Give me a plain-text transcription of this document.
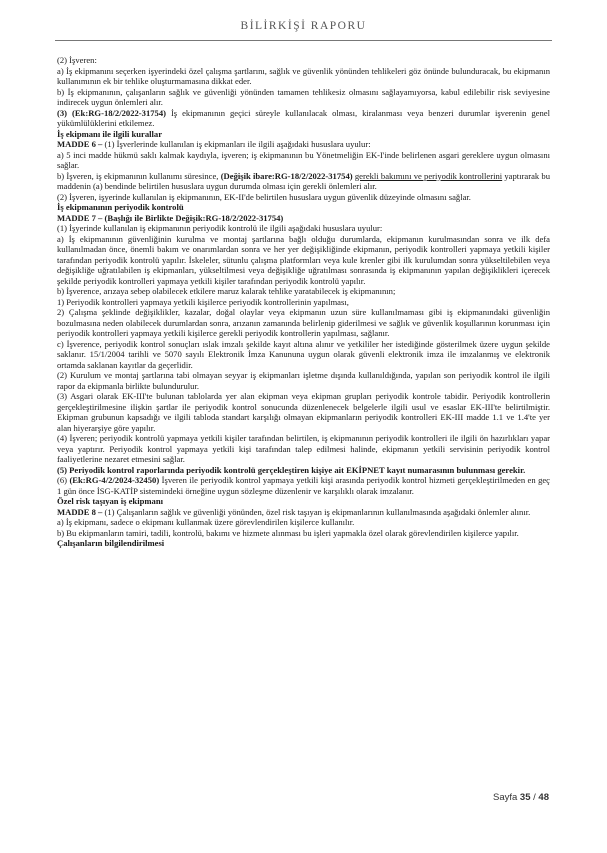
BİLİRKİŞİ RAPORU

(2) İşveren:

a) İş ekipmanını seçerken işyerindeki özel çalışma şartlarını, sağlık ve güvenlik yönünden tehlikeleri göz önünde bulunduracak, bu ekipmanın kullanımının ek bir tehlike oluşturmamasına dikkat eder.

b) İş ekipmanının, çalışanların sağlık ve güvenliği yönünden tamamen tehlikesiz olmasını sağlayamıyorsa, kabul edilebilir risk seviyesine indirecek uygun önlemleri alır.

(3) (Ek:RG-18/2/2022-31754) İş ekipmanının geçici süreyle kullanılacak olması, kiralanması veya benzeri durumlar işverenin genel yükümlülüklerini etkilemez.

İş ekipmanı ile ilgili kurallar

MADDE 6 – (1) İşverlerinde kullanılan iş ekipmanları ile ilgili aşağıdaki hususlara uyulur:

a) 5 inci madde hükmü saklı kalmak kaydıyla, işveren; iş ekipmanının bu Yönetmeliğin EK-I'inde belirlenen asgari gereklere uygun olmasını sağlar.

b) İşveren, iş ekipmanının kullanımı süresince, (Değişik ibare:RG-18/2/2022-31754) gerekli bakımını ve periyodik kontrollerini yaptırarak bu maddenin (a) bendinde belirtilen hususlara uygun durumda olması için gerekli önlemleri alır.

(2) İşveren, işyerinde kullanılan iş ekipmanının, EK-II'de belirtilen hususlara uygun güvenlik düzeyinde olmasını sağlar.

İş ekipmanının periyodik kontrolü

MADDE 7 – (Başlığı ile Birlikte Değişik:RG-18/2/2022-31754)

(1) İşyerinde kullanılan iş ekipmanının periyodik kontrolü ile ilgili aşağıdaki hususlara uyulur:

a) İş ekipmanının güvenliğinin kurulma ve montaj şartlarına bağlı olduğu durumlarda, ekipmanın kurulmasından sonra ve ilk defa kullanılmadan önce, önemli bakım ve onarımlardan sonra ve her yer değişikliğinde ekipmanın, periyodik kontrolleri yapmaya yetkili kişiler tarafından periyodik kontrolü yapılır. İskeleler, sütunlu çalışma platformları veya kule krenler gibi ilk kurulumdan sonra yükseltilebilen veya değişikliğe uğratılabilen iş ekipmanları, yükseltilmesi veya değişikliğe uğratılması sonrasında iş ekipmanının yapılan değişiklikleri içerecek şekilde periyodik kontrolleri yapmaya yetkili kişiler tarafından periyodik kontrolü yapılır.

b) İşverence, arızaya sebep olabilecek etkilere maruz kalarak tehlike yaratabilecek iş ekipmanının;

1) Periyodik kontrolleri yapmaya yetkili kişilerce periyodik kontrollerinin yapılması,

2) Çalışma şeklinde değişiklikler, kazalar, doğal olaylar veya ekipmanın uzun süre kullanılmaması gibi iş ekipmanındaki güvenliğin bozulmasına neden olabilecek durumlardan sonra, arızanın zamanında belirlenip giderilmesi ve sağlık ve güvenlik koşullarının korunması için periyodik kontrolleri yapmaya yetkili kişilerce gerekli periyodik kontrollerin yapılması, sağlanır.

c) İşverence, periyodik kontrol sonuçları ıslak imzalı şekilde kayıt altına alınır ve yetkililer her istediğinde gösterilmek üzere uygun şekilde saklanır. 15/1/2004 tarihli ve 5070 sayılı Elektronik İmza Kanununa uygun olarak güvenli elektronik imza ile imzalanmış ve elektronik ortamda saklanan kayıtlar da geçerlidir.

(2) Kurulum ve montaj şartlarına tabi olmayan seyyar iş ekipmanları işletme dışında kullanıldığında, yapılan son periyodik kontrol ile ilgili rapor da ekipmanla birlikte bulundurulur.

(3) Asgari olarak EK-III'te bulunan tablolarda yer alan ekipman veya ekipman grupları periyodik kontrole tabidir. Periyodik kontrollerin gerçekleştirilmesine ilişkin şartlar ile periyodik kontrol sonucunda düzenlenecek belgelerle ilgili usul ve esaslar EK-III'te belirtilmiştir. Ekipman grubunun kapsadığı ve ilgili tabloda standart karşılığı olmayan ekipmanların periyodik kontrolleri EK-III madde 1.1 ve 1.4'te yer alan hiyerarşiye göre yapılır.

(4) İşveren; periyodik kontrolü yapmaya yetkili kişiler tarafından belirtilen, iş ekipmanının periyodik kontrolleri ile ilgili ön hazırlıkları yapar veya yaptırır. Periyodik kontrol yapmaya yetkili kişi tarafından talep edilmesi halinde, ekipmanın yetkili servisinin periyodik kontrol faaliyetlerine nezaret etmesini sağlar.

(5) Periyodik kontrol raporlarında periyodik kontrolü gerçekleştiren kişiye ait EKİPNET kayıt numarasının bulunması gerekir.

(6) (Ek:RG-4/2/2024-32450) İşveren ile periyodik kontrol yapmaya yetkili kişi arasında periyodik kontrol hizmeti gerçekleştirilmeden en geç 1 gün önce İSG-KATİP sistemindeki örneğine uygun sözleşme düzenlenir ve karşılıklı olarak imzalanır.

Özel risk taşıyan iş ekipmanı

MADDE 8 – (1) Çalışanların sağlık ve güvenliği yönünden, özel risk taşıyan iş ekipmanlarının kullanılmasında aşağıdaki önlemler alınır.

a) İş ekipmanı, sadece o ekipmanı kullanmak üzere görevlendirilen kişilerce kullanılır.

b) Bu ekipmanların tamiri, tadili, kontrolü, bakımı ve hizmete alınması bu işleri yapmakla özel olarak görevlendirilen kişilerce yapılır.

Çalışanların bilgilendirilmesi

Sayfa 35 / 48
